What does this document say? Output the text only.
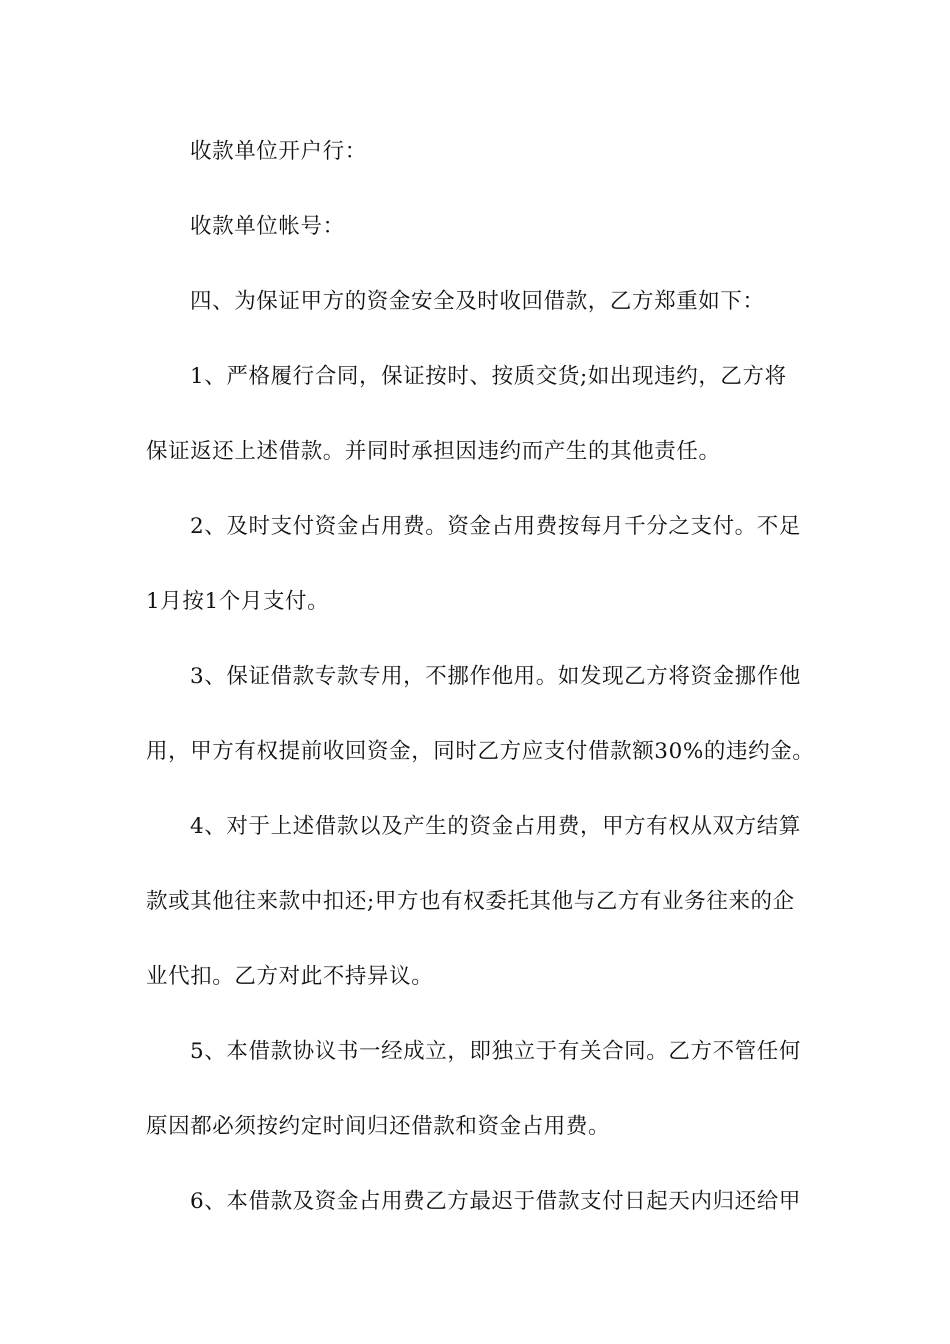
收款单位开户行：
收款单位帐号：
四、为保证甲方的资金安全及时收回借款，乙方郑重如下：
1、严格履行合同，保证按时、按质交货;如出现违约，乙方将
保证返还上述借款。并同时承担因违约而产生的其他责任。
2、及时支付资金占用费。资金占用费按每月千分之支付。不足
1月按1个月支付。
3、保证借款专款专用，不挪作他用。如发现乙方将资金挪作他
用，甲方有权提前收回资金，同时乙方应支付借款额30%的违约金。
4、对于上述借款以及产生的资金占用费，甲方有权从双方结算
款或其他往来款中扣还;甲方也有权委托其他与乙方有业务往来的企
业代扣。乙方对此不持异议。
5、本借款协议书一经成立，即独立于有关合同。乙方不管任何
原因都必须按约定时间归还借款和资金占用费。
6、本借款及资金占用费乙方最迟于借款支付日起天内归还给甲
